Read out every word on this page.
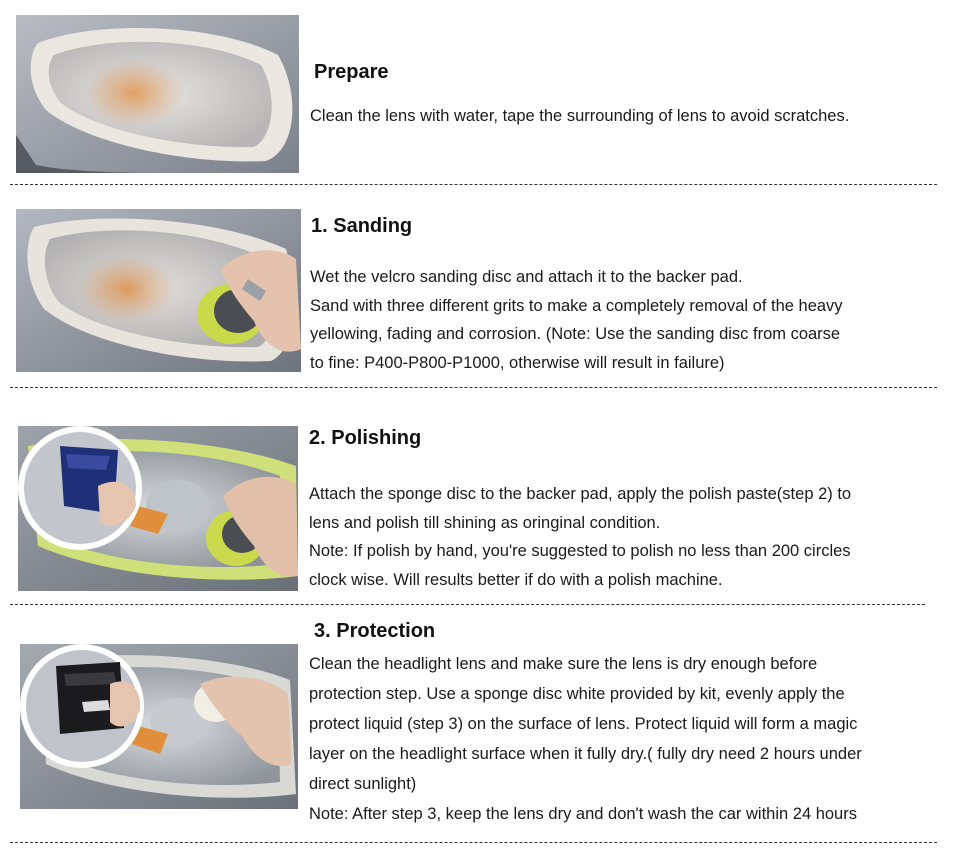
Prepare

Clean the lens with water, tape the surrounding of lens to avoid scratches.

1. Sanding

Wet the velcro sanding disc and attach it to the backer pad.

Sand with three different grits to make a completely removal of the heavy

yellowing, fading and corrosion. (Note: Use the sanding disc from coarse

to fine: P400-P800-P1000, otherwise will result in failure)

2. Polishing

Attach the sponge disc to the backer pad, apply the polish paste(step 2) to

lens and polish till shining as oringinal condition.

Note: If polish by hand, you're suggested to polish no less than 200 circles

clock wise. Will results better if do with a polish machine.

3. Protection

Clean the headlight lens and make sure the lens is dry enough before

protection step. Use a sponge disc white provided by kit, evenly apply the

protect liquid (step 3) on the surface of lens. Protect liquid will form a magic

layer on the headlight surface when it fully dry.( fully dry need 2 hours under

direct sunlight)

Note: After step 3, keep the lens dry and don't wash the car within 24 hours
